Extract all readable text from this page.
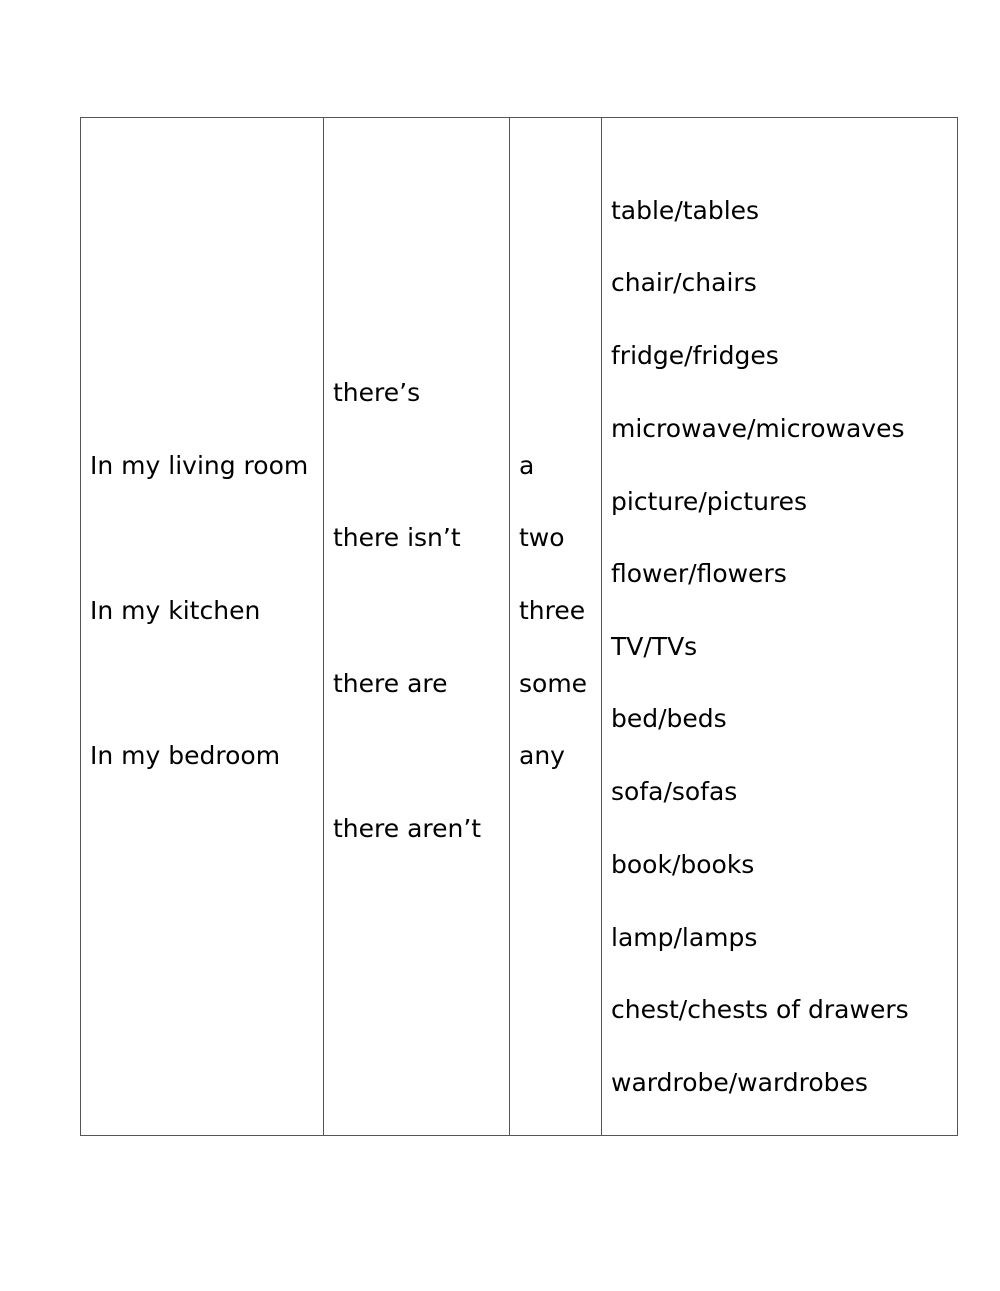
In my living room

In my kitchen

In my bedroom

there’s

there isn’t

there are

there aren’t

a

two

three

some

any

table/tables

chair/chairs

fridge/fridges

microwave/microwaves

picture/pictures

flower/flowers

TV/TVs

bed/beds

sofa/sofas

book/books

lamp/lamps

chest/chests of drawers

wardrobe/wardrobes
